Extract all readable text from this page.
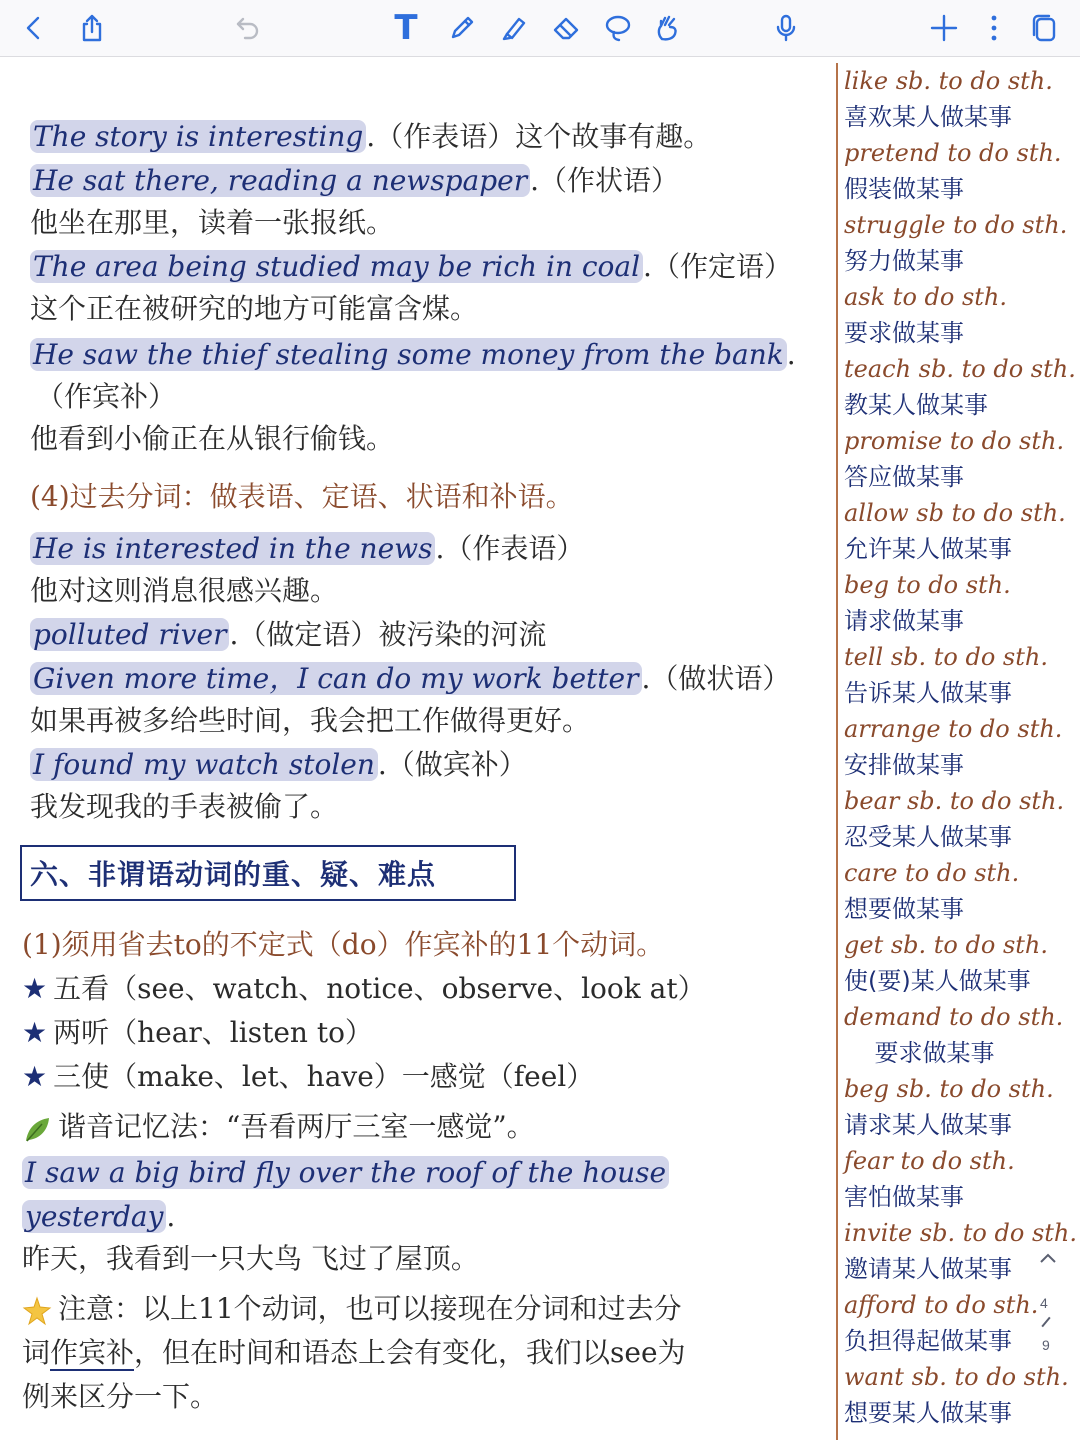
T
The story is interesting .（作表语）这个故事有趣。
He sat there, reading a newspaper .（作状语）
他坐在那里，读着一张报纸。
The area being studied may be rich in coal .（作定语）
这个正在被研究的地方可能富含煤。
He saw the thief stealing some money from the bank .
（作宾补）
他看到小偷正在从银行偷钱。
(4)过去分词：做表语、定语、状语和补语。
He is interested in the news .（作表语）
他对这则消息很感兴趣。
polluted river .（做定语）被污染的河流
Given more time，I can do my work better .（做状语）
如果再被多给些时间，我会把工作做得更好。
I found my watch stolen .（做宾补）
我发现我的手表被偷了。
六、非谓语动词的重、疑、难点
(1)须用省去to的不定式（do）作宾补的11个动词。
★ 五看（see、watch、notice、observe、look at）
★ 两听（hear、listen to）
★ 三使（make、let、have）一感觉（feel）
谐音记忆法：“吾看两厅三室一感觉”。
I saw a big bird fly over the roof of the house
yesterday .
昨天，我看到一只大鸟 飞过了屋顶。
注意：以上11个动词，也可以接现在分词和过去分
词作宾补，但在时间和语态上会有变化，我们以see为
例来区分一下。
like sb. to do sth.
喜欢某人做某事
pretend to do sth.
假装做某事
struggle to do sth.
努力做某事
ask to do sth.
要求做某事
teach sb. to do sth.
教某人做某事
promise to do sth.
答应做某事
allow sb to do sth.
允许某人做某事
beg to do sth.
请求做某事
tell sb. to do sth.
告诉某人做某事
arrange to do sth.
安排做某事
bear sb. to do sth.
忍受某人做某事
care to do sth.
想要做某事
get sb. to do sth.
使(要)某人做某事
demand to do sth.
要求做某事
beg sb. to do sth.
请求某人做某事
fear to do sth.
害怕做某事
invite sb. to do sth.
邀请某人做某事
afford to do sth.
负担得起做某事
want sb. to do sth.
想要某人做某事
4
9
